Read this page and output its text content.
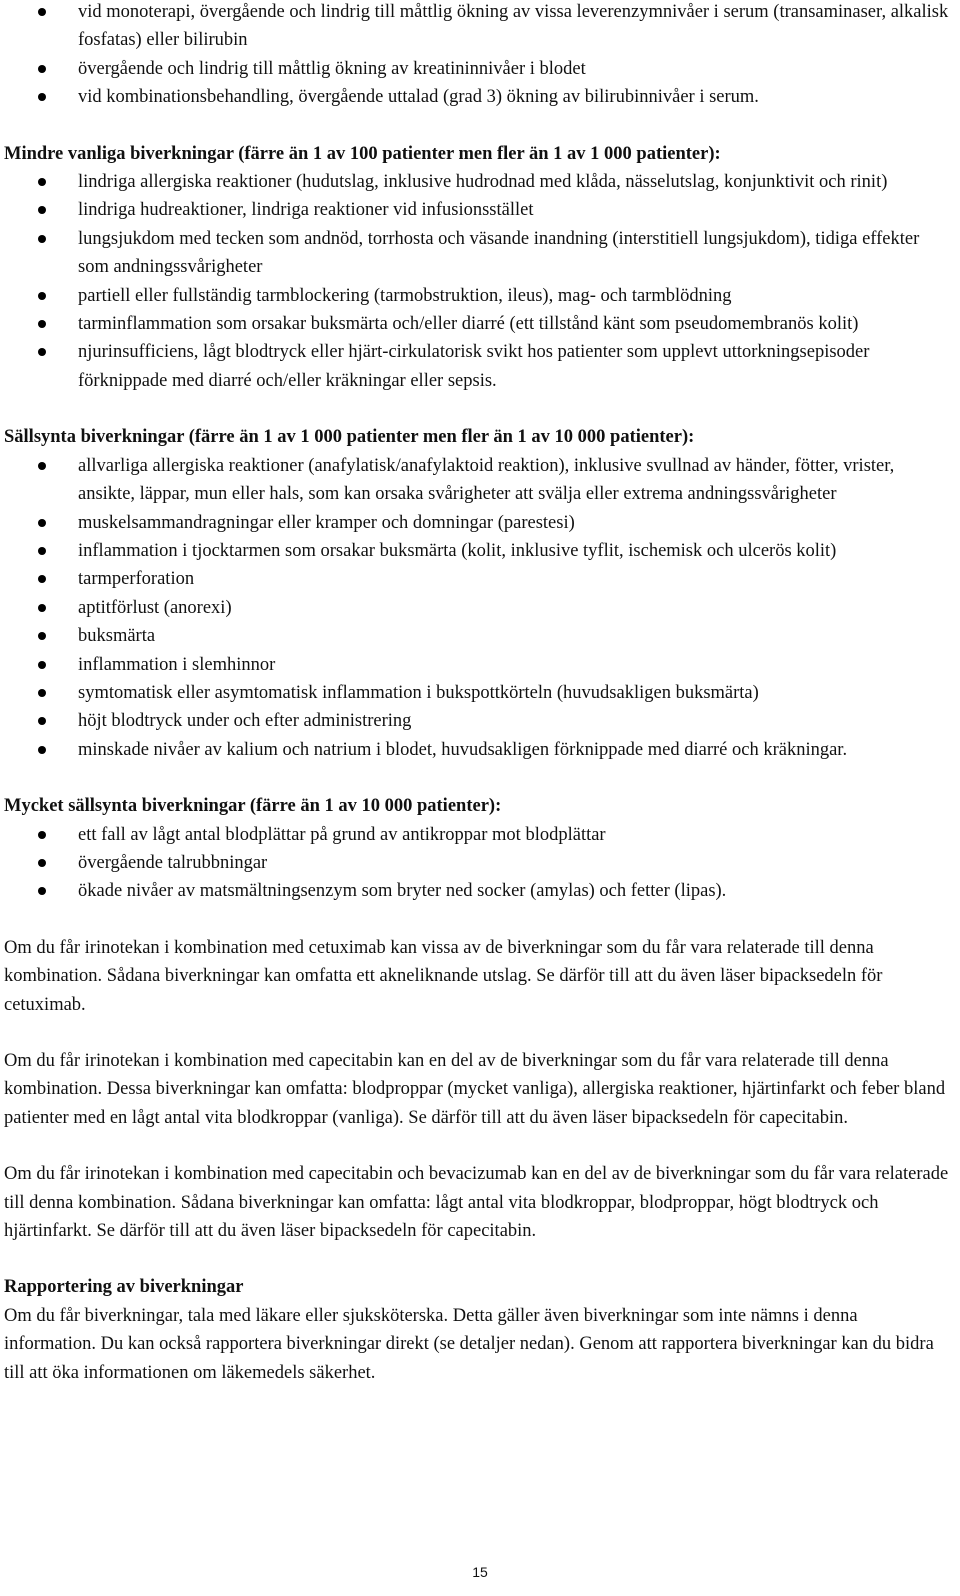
vid monoterapi, övergående och lindrig till måttlig ökning av vissa leverenzymnivåer i serum (transaminaser, alkalisk fosfatas) eller bilirubin
övergående och lindrig till måttlig ökning av kreatininnivåer i blodet
vid kombinationsbehandling, övergående uttalad (grad 3) ökning av bilirubinnivåer i serum.

Mindre vanliga biverkningar (färre än 1 av 100 patienter men fler än 1 av 1 000 patienter):

lindriga allergiska reaktioner (hudutslag, inklusive hudrodnad med klåda, nässelutslag, konjunktivit och rinit)
lindriga hudreaktioner, lindriga reaktioner vid infusionsstället
lungsjukdom med tecken som andnöd, torrhosta och väsande inandning (interstitiell lungsjukdom), tidiga effekter som andningssvårigheter
partiell eller fullständig tarmblockering (tarmobstruktion, ileus), mag- och tarmblödning
tarminflammation som orsakar buksmärta och/eller diarré (ett tillstånd känt som pseudomembranös kolit)
njurinsufficiens, lågt blodtryck eller hjärt-cirkulatorisk svikt hos patienter som upplevt uttorkningsepisoder förknippade med diarré och/eller kräkningar eller sepsis.

Sällsynta biverkningar (färre än 1 av 1 000 patienter men fler än 1 av 10 000 patienter):

allvarliga allergiska reaktioner (anafylatisk/anafylaktoid reaktion), inklusive svullnad av händer, fötter, vrister, ansikte, läppar, mun eller hals, som kan orsaka svårigheter att svälja eller extrema andningssvårigheter
muskelsammandragningar eller kramper och domningar (parestesi)
inflammation i tjocktarmen som orsakar buksmärta (kolit, inklusive tyflit, ischemisk och ulcerös kolit)
tarmperforation
aptitförlust (anorexi)
buksmärta
inflammation i slemhinnor
symtomatisk eller asymtomatisk inflammation i bukspottkörteln (huvudsakligen buksmärta)
höjt blodtryck under och efter administrering
minskade nivåer av kalium och natrium i blodet, huvudsakligen förknippade med diarré och kräkningar.

Mycket sällsynta biverkningar (färre än 1 av 10 000 patienter):

ett fall av lågt antal blodplättar på grund av antikroppar mot blodplättar
övergående talrubbningar
ökade nivåer av matsmältningsenzym som bryter ned socker (amylas) och fetter (lipas).

Om du får irinotekan i kombination med cetuximab kan vissa av de biverkningar som du får vara relaterade till denna kombination. Sådana biverkningar kan omfatta ett akneliknande utslag. Se därför till att du även läser bipacksedeln för cetuximab.

Om du får irinotekan i kombination med capecitabin kan en del av de biverkningar som du får vara relaterade till denna kombination. Dessa biverkningar kan omfatta: blodproppar (mycket vanliga), allergiska reaktioner, hjärtinfarkt och feber bland patienter med en lågt antal vita blodkroppar (vanliga). Se därför till att du även läser bipacksedeln för capecitabin.

Om du får irinotekan i kombination med capecitabin och bevacizumab kan en del av de biverkningar som du får vara relaterade till denna kombination. Sådana biverkningar kan omfatta: lågt antal vita blodkroppar, blodproppar, högt blodtryck och hjärtinfarkt. Se därför till att du även läser bipacksedeln för capecitabin.

Rapportering av biverkningar

Om du får biverkningar, tala med läkare eller sjuksköterska. Detta gäller även biverkningar som inte nämns i denna information. Du kan också rapportera biverkningar direkt (se detaljer nedan). Genom att rapportera biverkningar kan du bidra till att öka informationen om läkemedels säkerhet.

15
